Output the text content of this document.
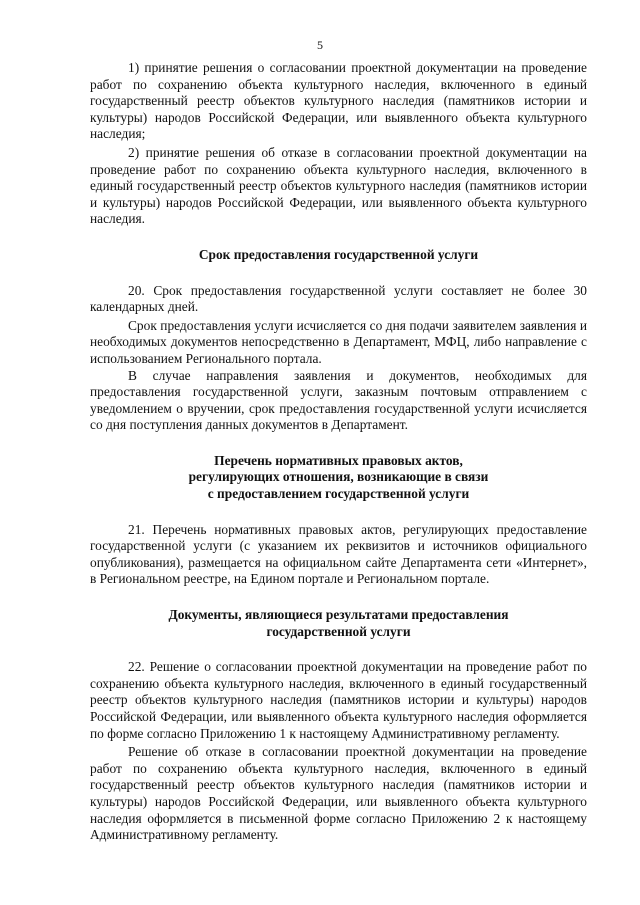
5

1) принятие решения о согласовании проектной документации на проведение работ по сохранению объекта культурного наследия, включенного в единый государственный реестр объектов культурного наследия (памятников истории и культуры) народов Российской Федерации, или выявленного объекта культурного наследия;

2) принятие решения об отказе в согласовании проектной документации на проведение работ по сохранению объекта культурного наследия, включенного в единый государственный реестр объектов культурного наследия (памятников истории и культуры) народов Российской Федерации, или выявленного объекта культурного наследия.

Срок предоставления государственной услуги

20. Срок предоставления государственной услуги составляет не более 30 календарных дней.

Срок предоставления услуги исчисляется со дня подачи заявителем заявления и необходимых документов непосредственно в Департамент, МФЦ, либо направление с использованием Регионального портала.

В случае направления заявления и документов, необходимых для предоставления государственной услуги, заказным почтовым отправлением с уведомлением о вручении, срок предоставления государственной услуги исчисляется со дня поступления данных документов в Департамент.

Перечень нормативных правовых актов,
регулирующих отношения, возникающие в связи
с предоставлением государственной услуги

21. Перечень нормативных правовых актов, регулирующих предоставление государственной услуги (с указанием их реквизитов и источников официального опубликования), размещается на официальном сайте Департамента сети «Интернет», в Региональном реестре, на Едином портале и Региональном портале.

Документы, являющиеся результатами предоставления
государственной услуги

22. Решение о согласовании проектной документации на проведение работ по сохранению объекта культурного наследия, включенного в единый государственный реестр объектов культурного наследия (памятников истории и культуры) народов Российской Федерации, или выявленного объекта культурного наследия оформляется по форме согласно Приложению 1 к настоящему Административному регламенту.

Решение об отказе в согласовании проектной документации на проведение работ по сохранению объекта культурного наследия, включенного в единый государственный реестр объектов культурного наследия (памятников истории и культуры) народов Российской Федерации, или выявленного объекта культурного наследия оформляется в письменной форме согласно Приложению 2 к настоящему Административному регламенту.
